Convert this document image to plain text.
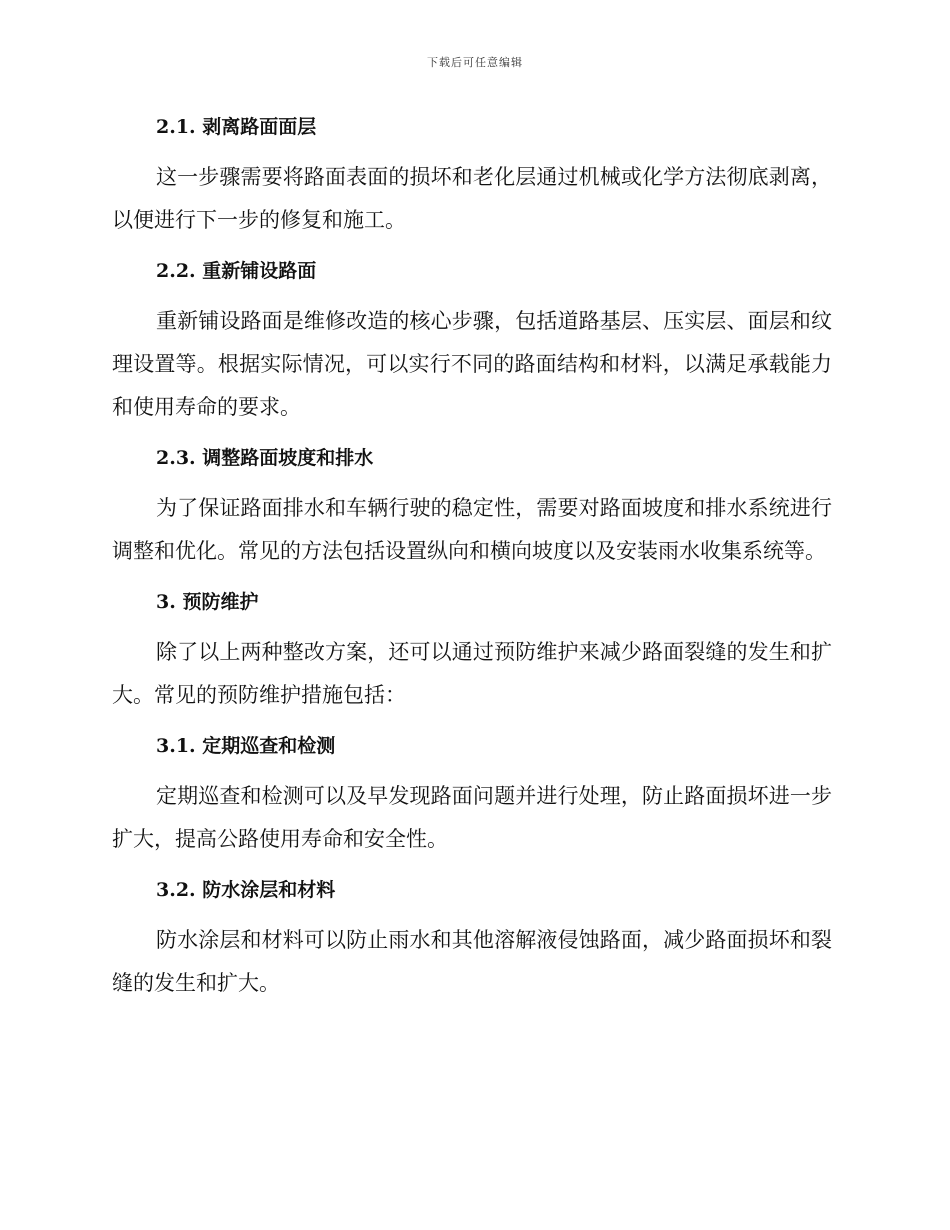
下载后可任意编辑
2.1. 剥离路面面层
这一步骤需要将路面表面的损坏和老化层通过机械或化学方法彻底剥离，以便进行下一步的修复和施工。
2.2. 重新铺设路面
重新铺设路面是维修改造的核心步骤，包括道路基层、压实层、面层和纹理设置等。根据实际情况，可以实行不同的路面结构和材料，以满足承载能力和使用寿命的要求。
2.3. 调整路面坡度和排水
为了保证路面排水和车辆行驶的稳定性，需要对路面坡度和排水系统进行调整和优化。常见的方法包括设置纵向和横向坡度以及安装雨水收集系统等。
3. 预防维护
除了以上两种整改方案，还可以通过预防维护来减少路面裂缝的发生和扩大。常见的预防维护措施包括：
3.1. 定期巡查和检测
定期巡查和检测可以及早发现路面问题并进行处理，防止路面损坏进一步扩大，提高公路使用寿命和安全性。
3.2. 防水涂层和材料
防水涂层和材料可以防止雨水和其他溶解液侵蚀路面，减少路面损坏和裂缝的发生和扩大。
